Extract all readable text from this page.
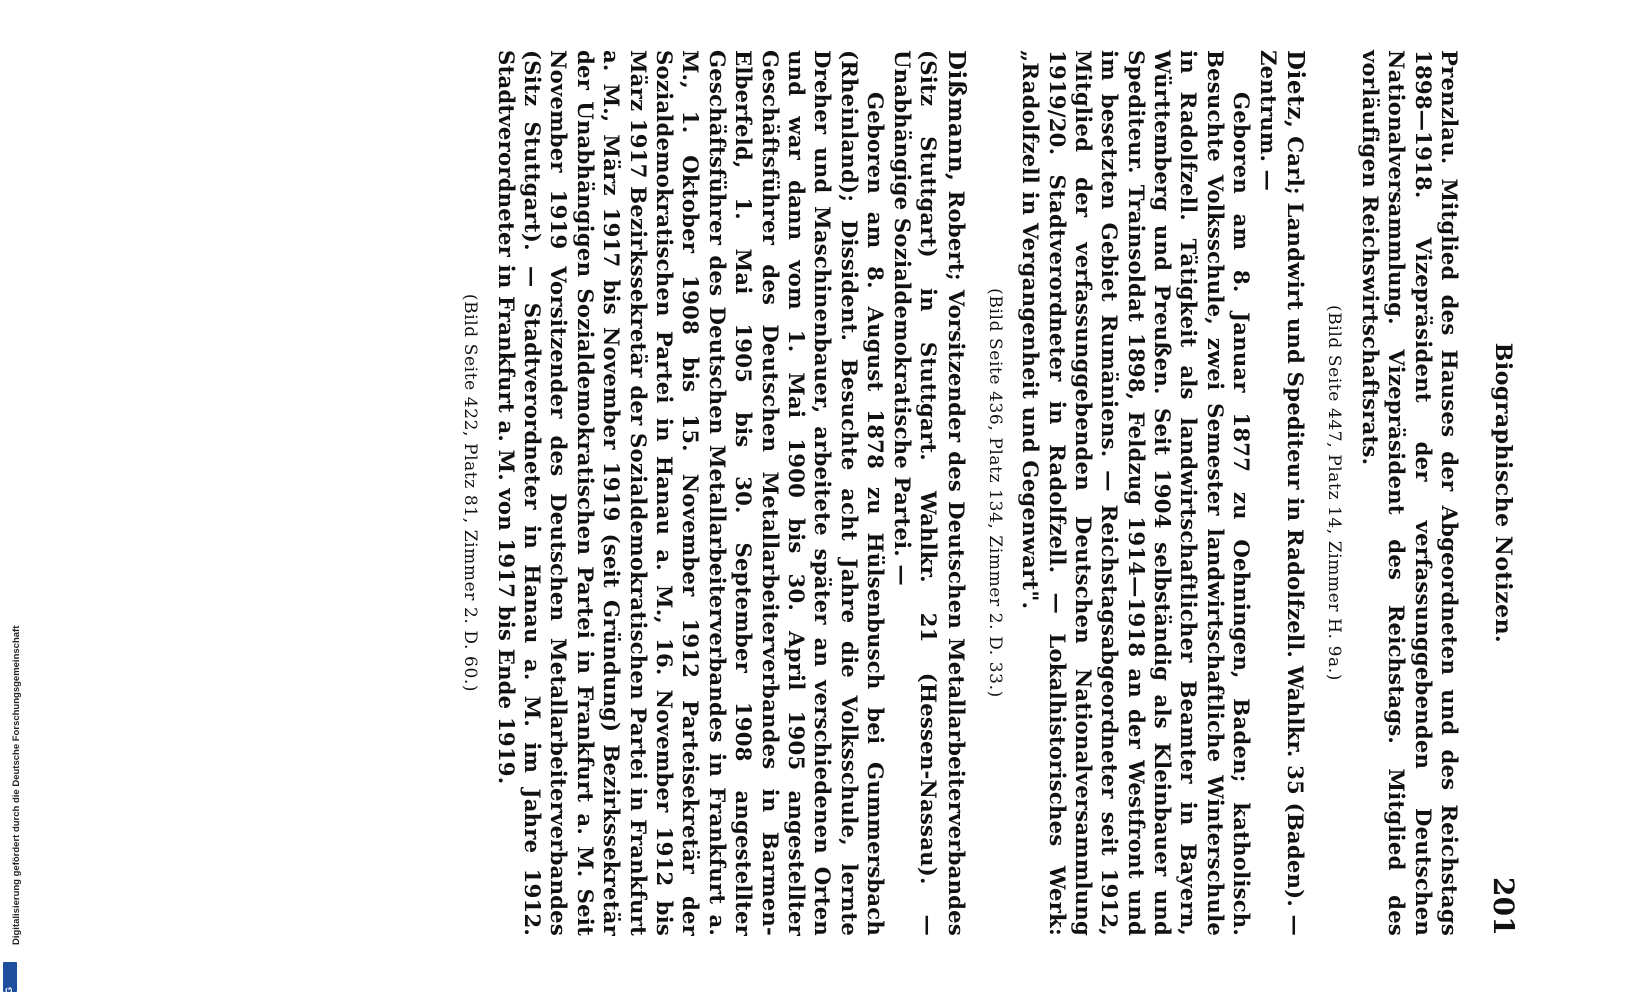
Biographische Notizen.
201

Prenzlau. Mitglied des Hauses der Abgeordneten und des Reichstags 1898—1918. Vizepräsident der verfassunggebenden Deutschen Nationalversammlung. Vizepräsident des Reichstags. Mitglied des vorläufigen Reichswirtschaftsrats.

(Bild Seite 447, Platz 14, Zimmer H. 9a.)

Dietz, Carl; Landwirt und Spediteur in Radolfzell. Wahlkr. 35 (Baden). — Zentrum. —

Geboren am 8. Januar 1877 zu Oehningen, Baden; katholisch. Besuchte Volksschule, zwei Semester landwirtschaftliche Winterschule in Radolfzell. Tätigkeit als landwirtschaftlicher Beamter in Bayern, Württemberg und Preußen. Seit 1904 selbständig als Kleinbauer und Spediteur. Trainsoldat 1898, Feldzug 1914—1918 an der Westfront und im besetzten Gebiet Rumäniens. — Reichstagsabgeordneter seit 1912, Mitglied der verfassunggebenden Deutschen Nationalversammlung 1919/20. Stadtverordneter in Radolfzell. — Lokalhistorisches Werk: „Radolfzell in Vergangenheit und Gegenwart".

(Bild Seite 436, Platz 134, Zimmer 2. D. 33.)

Dißmann, Robert; Vorsitzender des Deutschen Metallarbeiterverbandes (Sitz Stuttgart) in Stuttgart. Wahlkr. 21 (Hessen-Nassau). — Unabhängige Sozialdemokratische Partei. —

Geboren am 8. August 1878 zu Hülsenbusch bei Gummersbach (Rheinland); Dissident. Besuchte acht Jahre die Volksschule, lernte Dreher und Maschinenbauer, arbeitete später an verschiedenen Orten und war dann vom 1. Mai 1900 bis 30. April 1905 angestellter Geschäftsführer des Deutschen Metallarbeiterverbandes in Barmen-Elberfeld, 1. Mai 1905 bis 30. September 1908 angestellter Geschäftsführer des Deutschen Metallarbeiterverbandes in Frankfurt a. M., 1. Oktober 1908 bis 15. November 1912 Parteisekretär der Sozialdemokratischen Partei in Hanau a. M., 16. November 1912 bis März 1917 Bezirkssekretär der Sozialdemokratischen Partei in Frankfurt a. M., März 1917 bis November 1919 (seit Gründung) Bezirkssekretär der Unabhängigen Sozialdemokratischen Partei in Frankfurt a. M. Seit November 1919 Vorsitzender des Deutschen Metallarbeiterverbandes (Sitz Stuttgart). — Stadtverordneter in Hanau a. M. im Jahre 1912. Stadtverordneter in Frankfurt a. M. von 1917 bis Ende 1919.

(Bild Seite 422, Platz 81, Zimmer 2. D. 60.)
Digitalisierung gefördert durch die Deutsche Forschungsgemeinschaft
DFG
